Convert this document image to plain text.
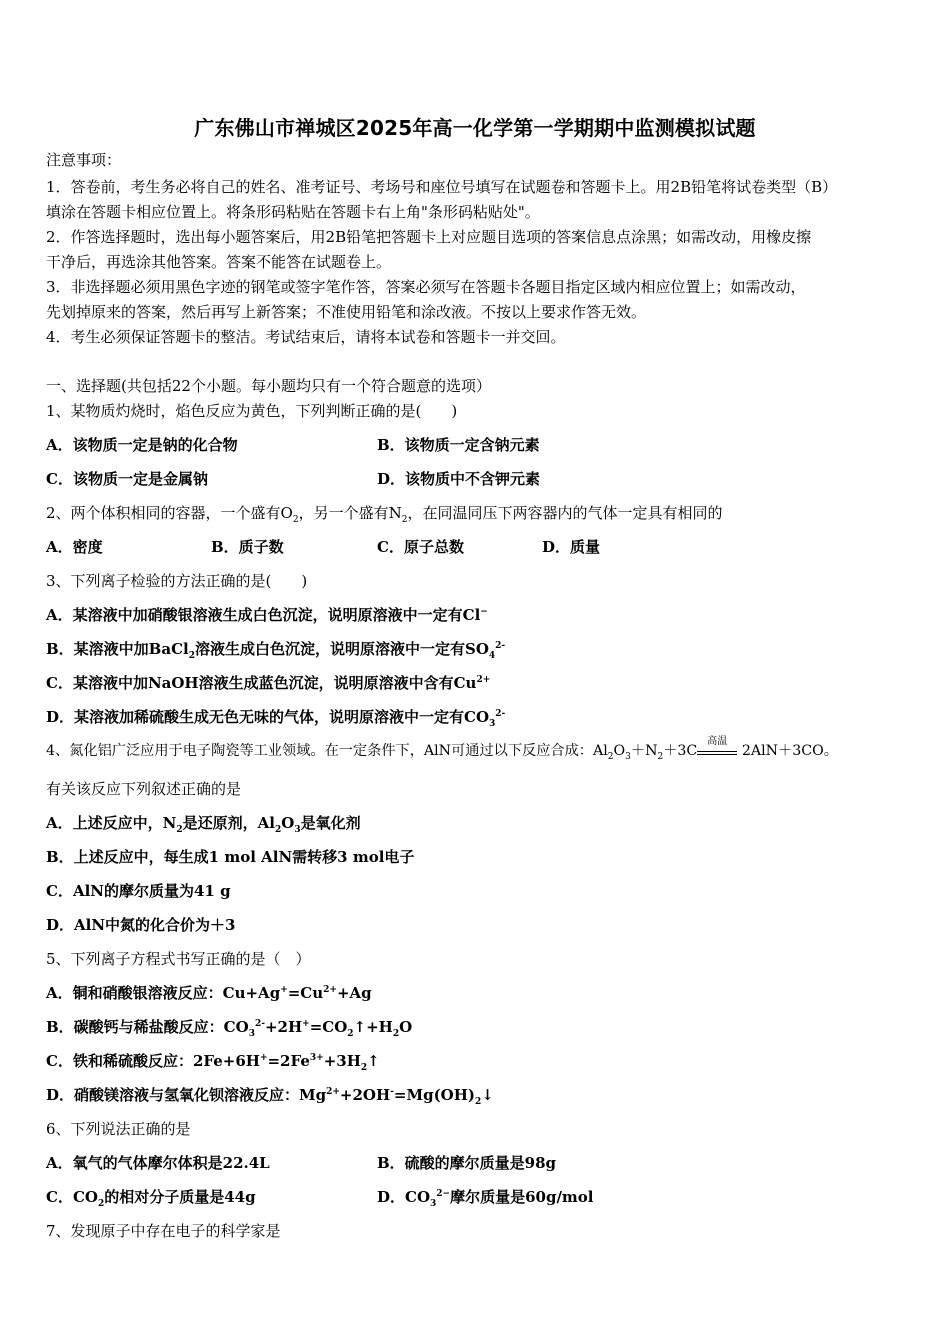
广东佛山市禅城区2025年高一化学第一学期期中监测模拟试题
注意事项：
1．答卷前，考生务必将自己的姓名、准考证号、考场号和座位号填写在试题卷和答题卡上。用2B铅笔将试卷类型（B）
填涂在答题卡相应位置上。将条形码粘贴在答题卡右上角"条形码粘贴处"。
2．作答选择题时，选出每小题答案后，用2B铅笔把答题卡上对应题目选项的答案信息点涂黑；如需改动，用橡皮擦
干净后，再选涂其他答案。答案不能答在试题卷上。
3．非选择题必须用黑色字迹的钢笔或签字笔作答，答案必须写在答题卡各题目指定区域内相应位置上；如需改动，
先划掉原来的答案，然后再写上新答案；不准使用铅笔和涂改液。不按以上要求作答无效。
4．考生必须保证答题卡的整洁。考试结束后，请将本试卷和答题卡一并交回。
一、选择题(共包括22个小题。每小题均只有一个符合题意的选项）
1、某物质灼烧时，焰色反应为黄色，下列判断正确的是(　　)
A．该物质一定是钠的化合物	B．该物质一定含钠元素
C．该物质一定是金属钠	D．该物质中不含钾元素
2、两个体积相同的容器，一个盛有$O_2$，另一个盛有$N_2$，在同温同压下两容器内的气体一定具有相同的
A．密度	B．质子数	C．原子总数	D．质量
3、下列离子检验的方法正确的是(　　)
A．某溶液中加硝酸银溶液生成白色沉淀，说明原溶液中一定有Cl−
B．某溶液中加BaCl$_2$溶液生成白色沉淀，说明原溶液中一定有$SO_4^{2-}$
C．某溶液中加NaOH溶液生成蓝色沉淀，说明原溶液中含有$Cu^{2+}$
D．某溶液加稀硫酸生成无色无味的气体，说明原溶液中一定有$CO_3^{2-}$
4、氮化铝广泛应用于电子陶瓷等工业领域。在一定条件下，AlN可通过以下反应合成：$Al_2O_3+N_2+3C$
高温
2AlN＋3CO。
有关该反应下列叙述正确的是
A．上述反应中，$N_2$是还原剂，$Al_2O_3$是氧化剂
B．上述反应中，每生成1 mol AlN需转移3 mol电子
C．AlN的摩尔质量为41 g
D．AlN中氮的化合价为＋3
5、下列离子方程式书写正确的是（　）
A．铜和硝酸银溶液反应：$Cu+Ag^+=Cu^{2+}+Ag$
B．碳酸钙与稀盐酸反应：$CO_3^{2-}+2H^+=CO_2↑+H_2O$
C．铁和稀硫酸反应：$2Fe+6H^+=2Fe^{3+}+3H_2↑$
D．硝酸镁溶液与氢氧化钡溶液反应：$Mg^{2+}+2OH^-=Mg(OH)_2↓$
6、下列说法正确的是
A．氧气的气体摩尔体积是22.4L	B．硫酸的摩尔质量是98g
C．$CO_2$的相对分子质量是44g	D．$CO_3^{2-}$摩尔质量是60g/mol
7、发现原子中存在电子的科学家是
